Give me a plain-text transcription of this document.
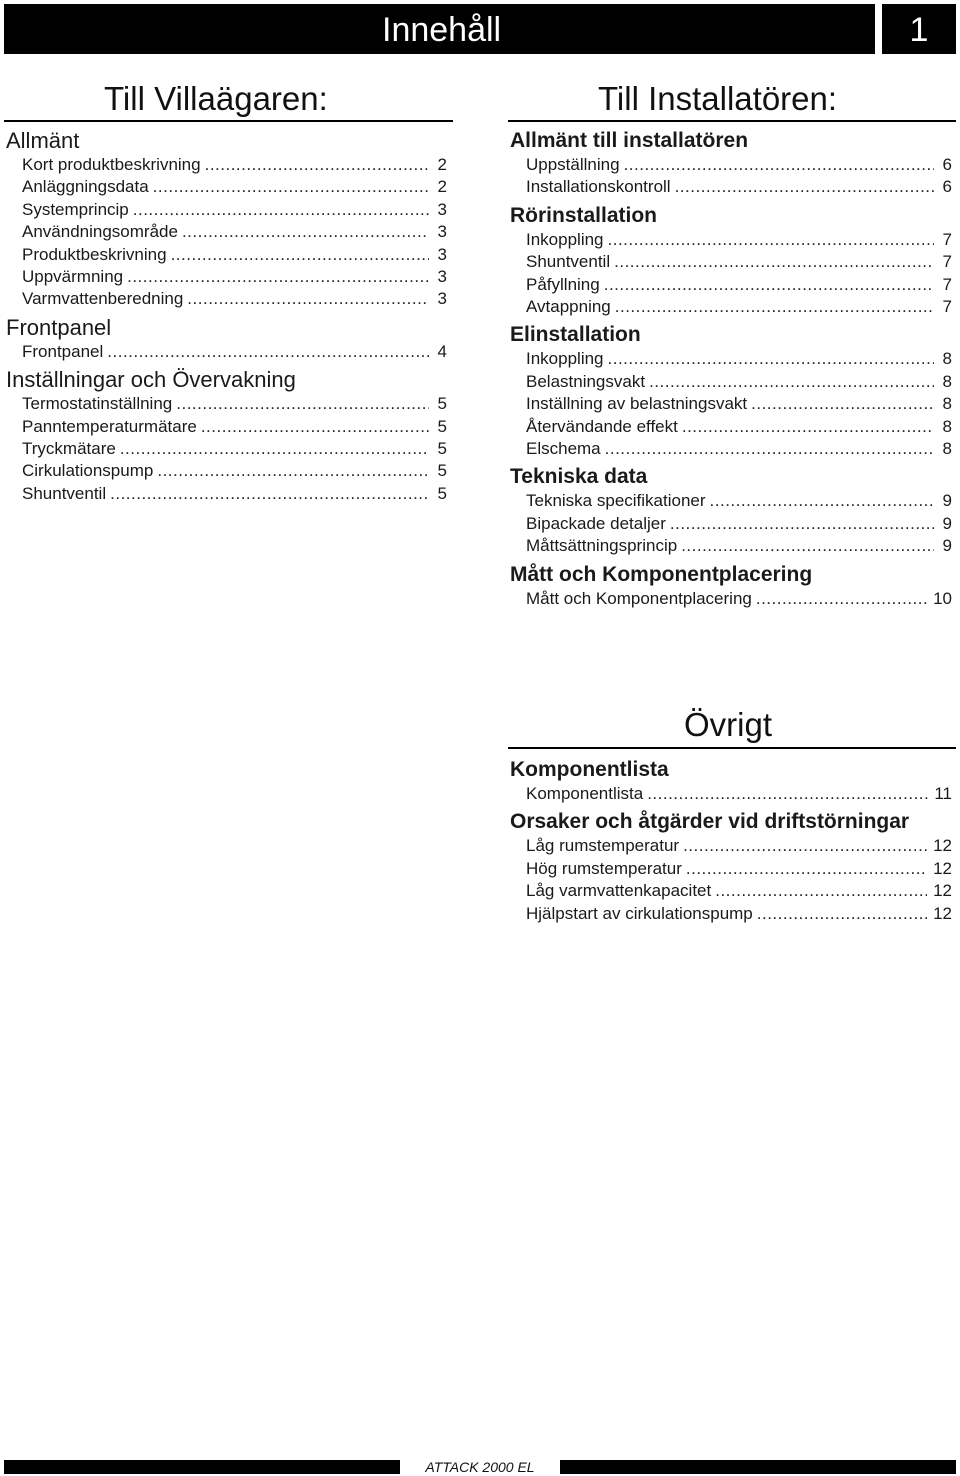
Innehåll	1
Till Villaägaren:
Allmänt
Kort produktbeskrivning .....	2
Anläggningsdata .....	2
Systemprincip .....	3
Användningsområde .....	3
Produktbeskrivning .....	3
Uppvärmning .....	3
Varmvattenberedning .....	3
Frontpanel
Frontpanel .....	4
Inställningar och Övervakning
Termostatinställning .....	5
Panntemperaturmätare .....	5
Tryckmätare .....	5
Cirkulationspump .....	5
Shuntventil .....	5
Till Installatören:
Allmänt till installatören
Uppställning .....	6
Installationskontroll .....	6
Rörinstallation
Inkoppling .....	7
Shuntventil .....	7
Påfyllning .....	7
Avtappning .....	7
Elinstallation
Inkoppling .....	8
Belastningsvakt .....	8
Inställning av belastningsvakt .....	8
Återvändande effekt .....	8
Elschema .....	8
Tekniska data
Tekniska specifikationer .....	9
Bipackade detaljer .....	9
Måttsättningsprincip .....	9
Mått och Komponentplacering
Mått och Komponentplacering .....	10
Övrigt
Komponentlista
Komponentlista .....	11
Orsaker och åtgärder vid driftstörningar
Låg rumstemperatur .....	12
Hög rumstemperatur .....	12
Låg varmvattenkapacitet .....	12
Hjälpstart av cirkulationspump .....	12
ATTACK 2000 EL
